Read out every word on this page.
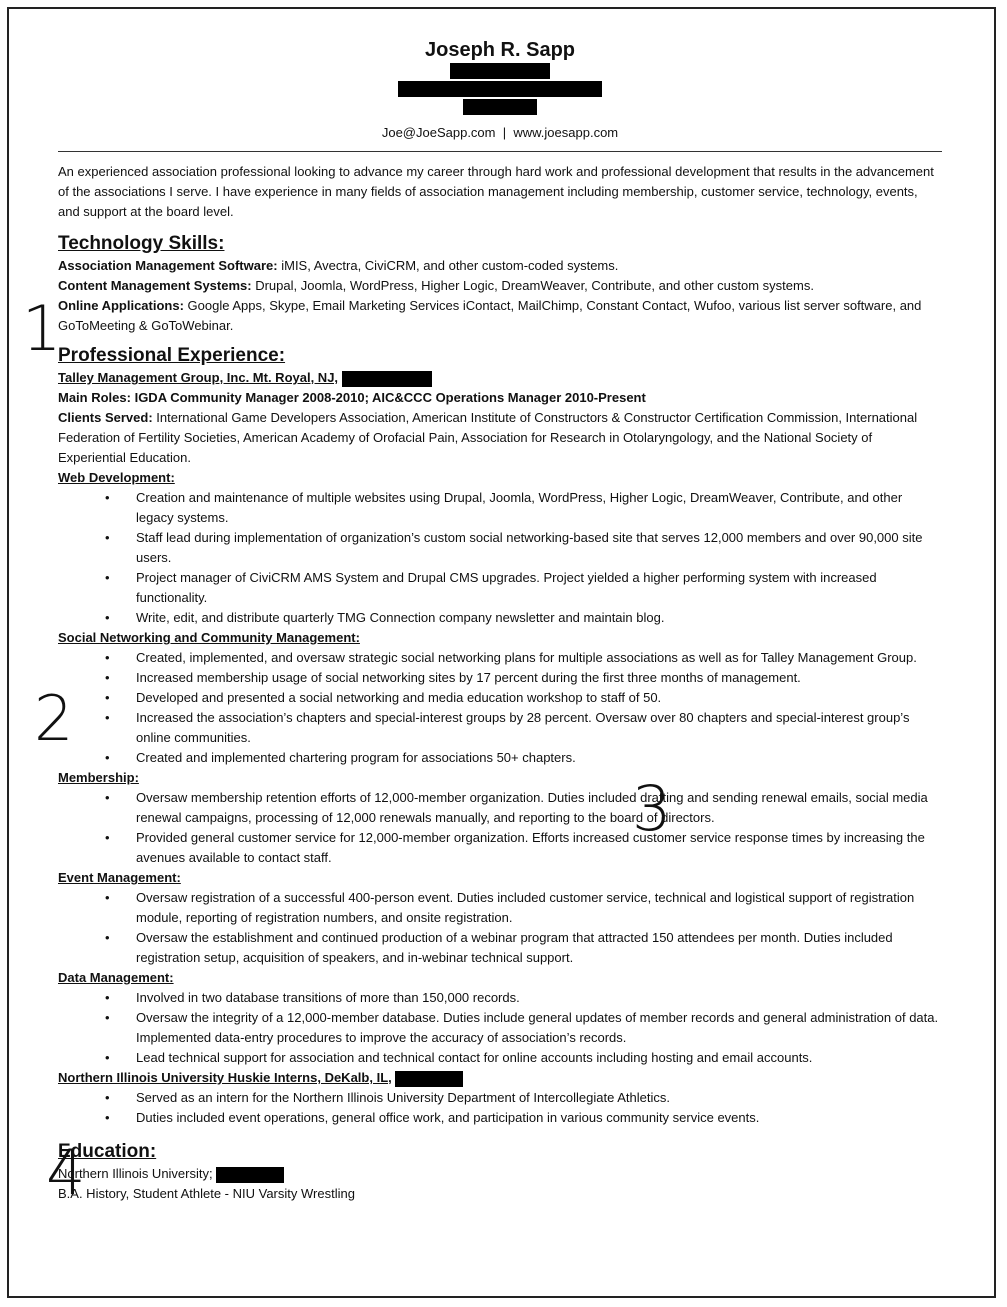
Joseph R. Sapp
Joe@JoeSapp.com | www.joesapp.com

An experienced association professional looking to advance my career through hard work and professional development that results in the advancement of the associations I serve. I have experience in many fields of association management including membership, customer service, technology, events, and support at the board level.

Technology Skills:

Association Management Software: iMIS, Avectra, CiviCRM, and other custom-coded systems.

Content Management Systems: Drupal, Joomla, WordPress, Higher Logic, DreamWeaver, Contribute, and other custom systems.

Online Applications: Google Apps, Skype, Email Marketing Services iContact, MailChimp, Constant Contact, Wufoo, various list server software, and GoToMeeting & GoToWebinar.

Professional Experience:

Talley Management Group, Inc. Mt. Royal, NJ,

Main Roles: IGDA Community Manager 2008-2010; AIC&CCC Operations Manager 2010-Present

Clients Served: International Game Developers Association, American Institute of Constructors & Constructor Certification Commission, International Federation of Fertility Societies, American Academy of Orofacial Pain, Association for Research in Otolaryngology, and the National Society of Experiential Education.

Web Development:

• Creation and maintenance of multiple websites using Drupal, Joomla, WordPress, Higher Logic, DreamWeaver, Contribute, and other legacy systems.
• Staff lead during implementation of organization’s custom social networking-based site that serves 12,000 members and over 90,000 site users.
• Project manager of CiviCRM AMS System and Drupal CMS upgrades. Project yielded a higher performing system with increased functionality.
• Write, edit, and distribute quarterly TMG Connection company newsletter and maintain blog.

Social Networking and Community Management:

• Created, implemented, and oversaw strategic social networking plans for multiple associations as well as for Talley Management Group.
• Increased membership usage of social networking sites by 17 percent during the first three months of management.
• Developed and presented a social networking and media education workshop to staff of 50.
• Increased the association’s chapters and special-interest groups by 28 percent. Oversaw over 80 chapters and special-interest group’s online communities.
• Created and implemented chartering program for associations 50+ chapters.

Membership:

• Oversaw membership retention efforts of 12,000-member organization. Duties included drafting and sending renewal emails, social media renewal campaigns, processing of 12,000 renewals manually, and reporting to the board of directors.
• Provided general customer service for 12,000-member organization. Efforts increased customer service response times by increasing the avenues available to contact staff.

Event Management:

• Oversaw registration of a successful 400-person event. Duties included customer service, technical and logistical support of registration module, reporting of registration numbers, and onsite registration.
• Oversaw the establishment and continued production of a webinar program that attracted 150 attendees per month. Duties included registration setup, acquisition of speakers, and in-webinar technical support.

Data Management:

• Involved in two database transitions of more than 150,000 records.
• Oversaw the integrity of a 12,000-member database. Duties include general updates of member records and general administration of data. Implemented data-entry procedures to improve the accuracy of association’s records.
• Lead technical support for association and technical contact for online accounts including hosting and email accounts.

Northern Illinois University Huskie Interns, DeKalb, IL,

• Served as an intern for the Northern Illinois University Department of Intercollegiate Athletics.
• Duties included event operations, general office work, and participation in various community service events.
Education:

Northern Illinois University;

B.A. History, Student Athlete - NIU Varsity Wrestling

1
2
3
4
